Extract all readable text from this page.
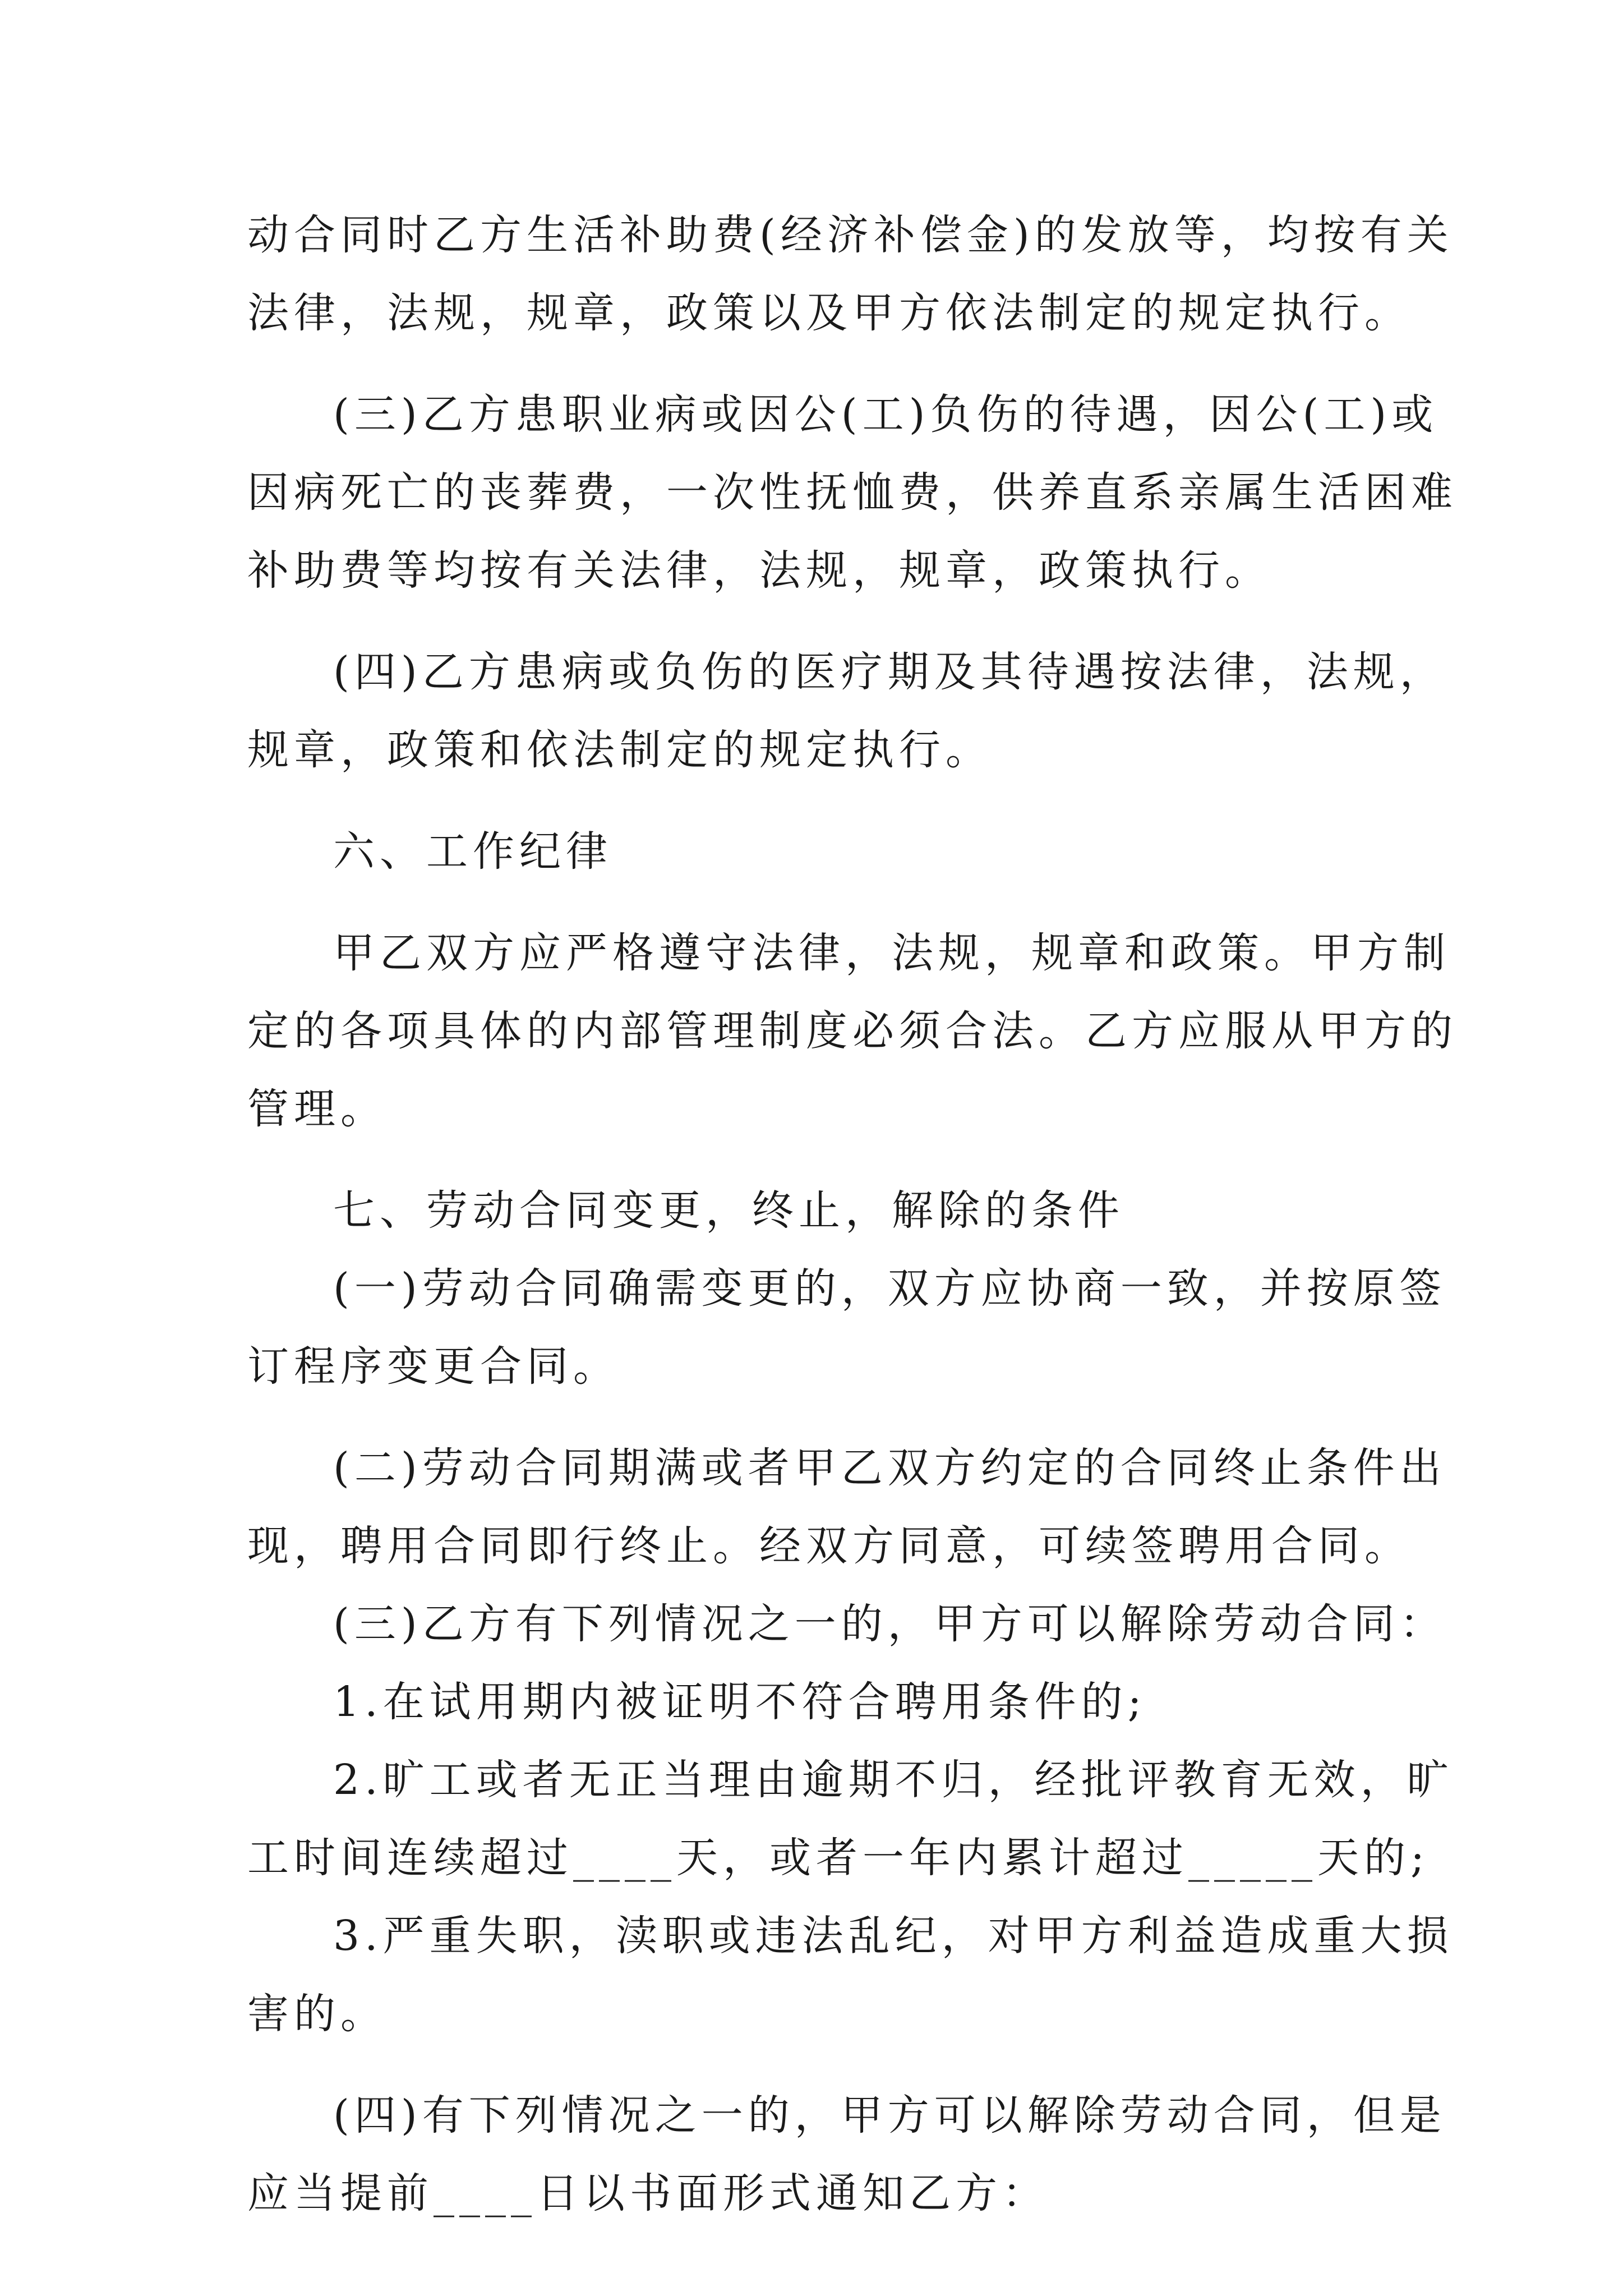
动合同时乙方生活补助费(经济补偿金)的发放等，均按有关
法律，法规，规章，政策以及甲方依法制定的规定执行。
(三)乙方患职业病或因公(工)负伤的待遇，因公(工)或
因病死亡的丧葬费，一次性抚恤费，供养直系亲属生活困难
补助费等均按有关法律，法规，规章，政策执行。
(四)乙方患病或负伤的医疗期及其待遇按法律，法规，
规章，政策和依法制定的规定执行。
六、工作纪律
甲乙双方应严格遵守法律，法规，规章和政策。甲方制
定的各项具体的内部管理制度必须合法。乙方应服从甲方的
管理。
七、劳动合同变更，终止，解除的条件
(一)劳动合同确需变更的，双方应协商一致，并按原签
订程序变更合同。
(二)劳动合同期满或者甲乙双方约定的合同终止条件出
现，聘用合同即行终止。经双方同意，可续签聘用合同。
(三)乙方有下列情况之一的，甲方可以解除劳动合同：
1.在试用期内被证明不符合聘用条件的;
2.旷工或者无正当理由逾期不归，经批评教育无效，旷
工时间连续超过____天，或者一年内累计超过_____天的;
3.严重失职，渎职或违法乱纪，对甲方利益造成重大损
害的。
(四)有下列情况之一的，甲方可以解除劳动合同，但是
应当提前____日以书面形式通知乙方：
